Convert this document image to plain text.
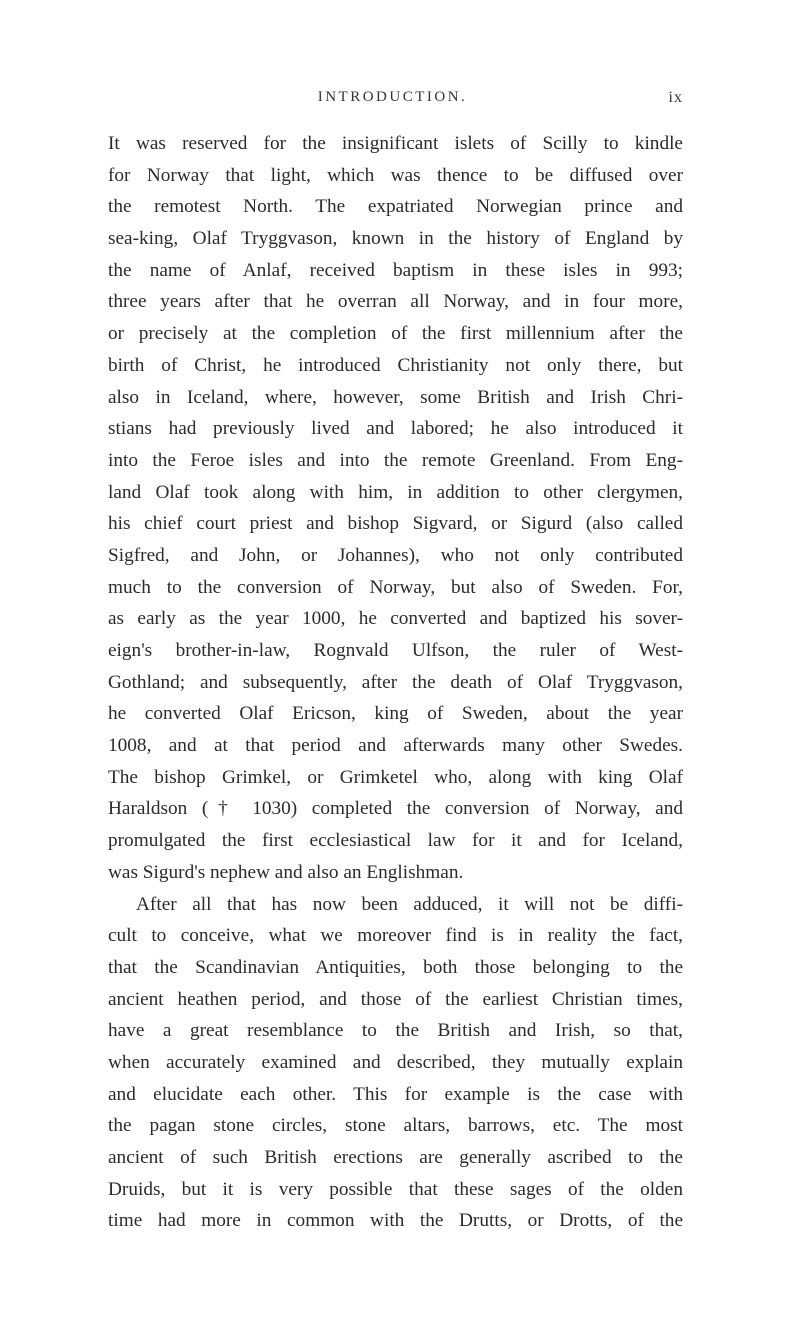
INTRODUCTION.	ix
It was reserved for the insignificant islets of Scilly to kindle
for Norway that light, which was thence to be diffused over
the remotest North. The expatriated Norwegian prince and
sea-king, Olaf Tryggvason, known in the history of England by
the name of Anlaf, received baptism in these isles in 993;
three years after that he overran all Norway, and in four more,
or precisely at the completion of the first millennium after the
birth of Christ, he introduced Christianity not only there, but
also in Iceland, where, however, some British and Irish Chri-
stians had previously lived and labored; he also introduced it
into the Feroe isles and into the remote Greenland. From Eng-
land Olaf took along with him, in addition to other clergymen,
his chief court priest and bishop Sigvard, or Sigurd (also called
Sigfred, and John, or Johannes), who not only contributed
much to the conversion of Norway, but also of Sweden. For,
as early as the year 1000, he converted and baptized his sover-
eign's brother-in-law, Rognvald Ulfson, the ruler of West-
Gothland; and subsequently, after the death of Olaf Tryggvason,
he converted Olaf Ericson, king of Sweden, about the year
1008, and at that period and afterwards many other Swedes.
The bishop Grimkel, or Grimketel who, along with king Olaf
Haraldson († 1030) completed the conversion of Norway, and
promulgated the first ecclesiastical law for it and for Iceland,
was Sigurd's nephew and also an Englishman.
After all that has now been adduced, it will not be diffi-
cult to conceive, what we moreover find is in reality the fact,
that the Scandinavian Antiquities, both those belonging to the
ancient heathen period, and those of the earliest Christian times,
have a great resemblance to the British and Irish, so that,
when accurately examined and described, they mutually explain
and elucidate each other. This for example is the case with
the pagan stone circles, stone altars, barrows, etc. The most
ancient of such British erections are generally ascribed to the
Druids, but it is very possible that these sages of the olden
time had more in common with the Drutts, or Drotts, of the
